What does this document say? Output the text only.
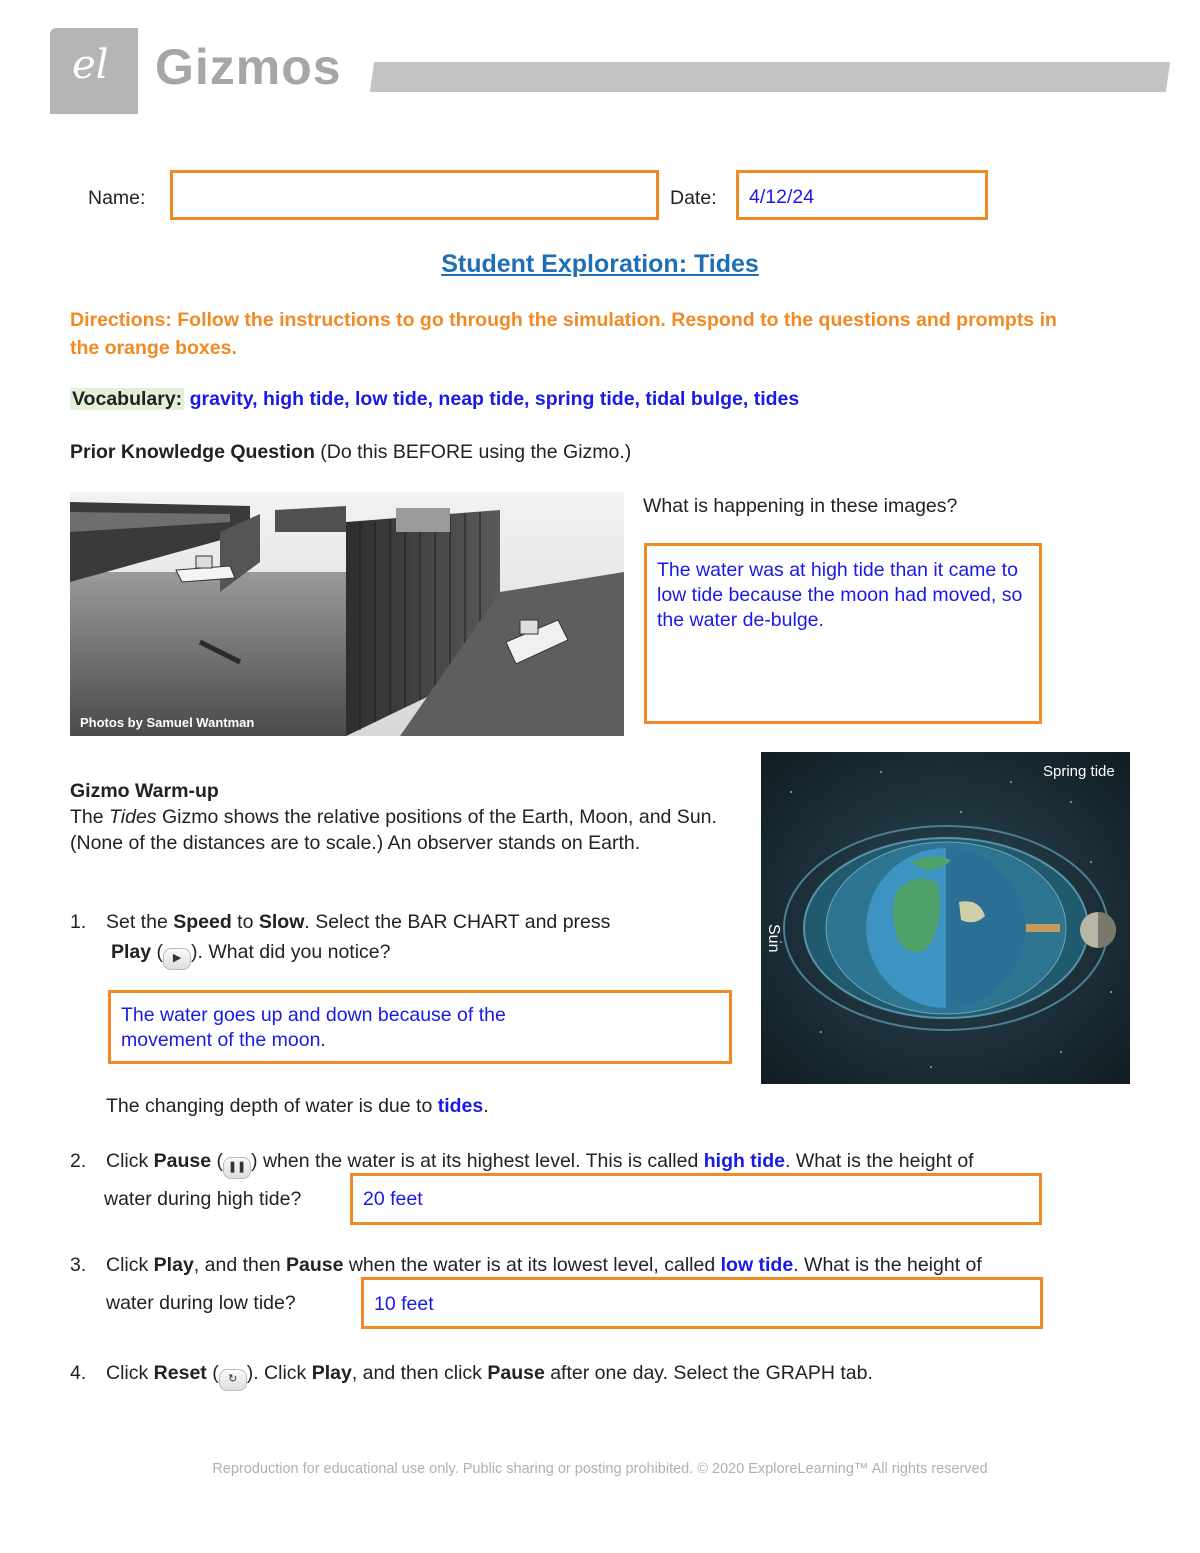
el Gizmos
Name:	Date: 4/12/24
Student Exploration: Tides
Directions: Follow the instructions to go through the simulation. Respond to the questions and prompts in the orange boxes.
Vocabulary: gravity, high tide, low tide, neap tide, spring tide, tidal bulge, tides
Prior Knowledge Question (Do this BEFORE using the Gizmo.)
Photos by Samuel Wantman
What is happening in these images?
The water was at high tide than it came to low tide because the moon had moved, so the water de-bulge.
Gizmo Warm-up
The Tides Gizmo shows the relative positions of the Earth, Moon, and Sun. (None of the distances are to scale.) An observer stands on Earth.
Spring tide
Sun
1. Set the Speed to Slow. Select the BAR CHART and press
Play ( ▶ ). What did you notice?
The water goes up and down because of the movement of the moon.
The changing depth of water is due to tides.
2. Click Pause ( ❚❚ ) when the water is at its highest level. This is called high tide. What is the height of
water during high tide?	20 feet
3. Click Play, and then Pause when the water is at its lowest level, called low tide. What is the height of
water during low tide?	10 feet
4. Click Reset ( ↻ ). Click Play, and then click Pause after one day. Select the GRAPH tab.
Reproduction for educational use only. Public sharing or posting prohibited. © 2020 ExploreLearning™ All rights reserved
